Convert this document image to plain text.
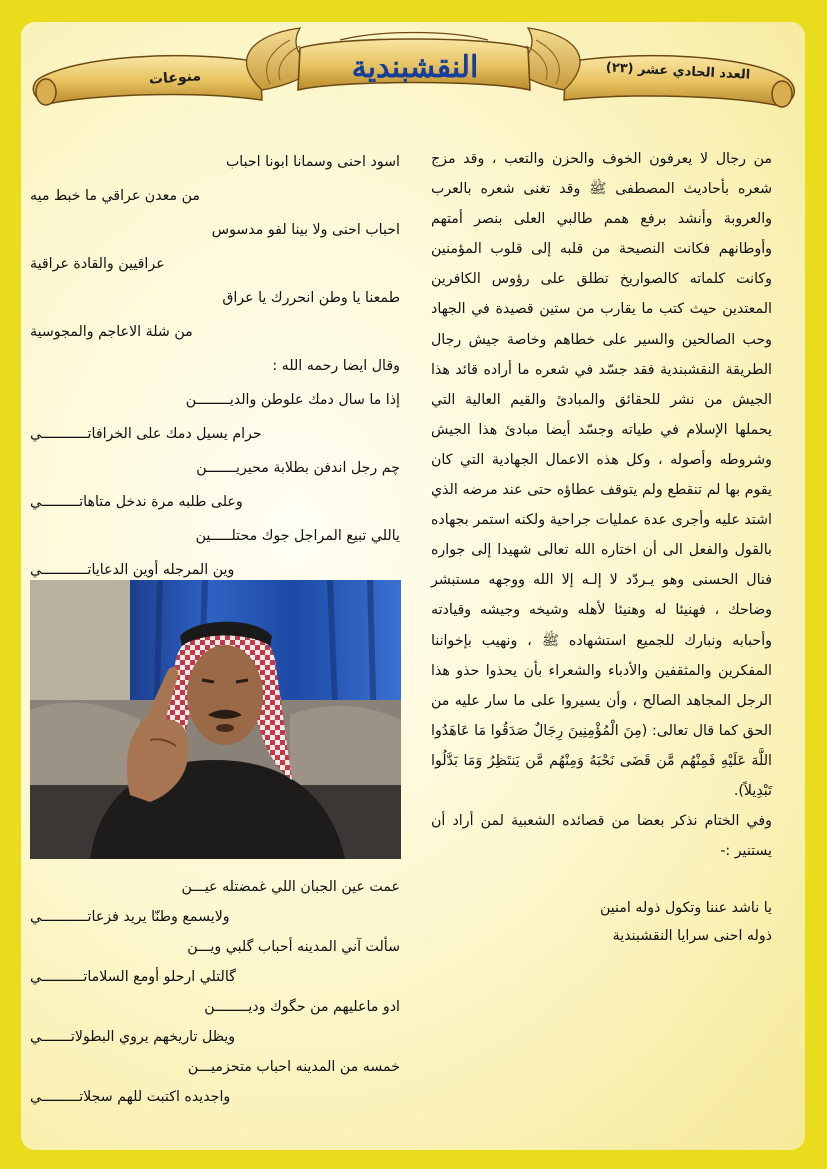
النقشبندية	العدد الحادي عشر (٢٣)
منوعات

من رجال لا يعرفون الخوف والحزن والتعب ، وقد مزج شعره بأحاديث المصطفى ﷺ وقد تغنى شعره بالعرب والعروبة وأنشد برفع همم طالبي العلى بنصر أمتهم وأوطانهم فكانت النصيحة من قلبه إلى قلوب المؤمنين وكانت كلماته كالصواريخ تطلق على رؤوس الكافرين المعتدين حيث كتب ما يقارب من ستين قصيدة في الجهاد وحب الصالحين والسير على خطاهم وخاصة جيش رجال الطريقة النقشبندية فقد جسّد في شعره ما أراده قائد هذا الجيش من نشر للحقائق والمبادئ والقيم العالية التي يحملها الإسلام في طياته وجسّد أيضا مبادئ هذا الجيش وشروطه وأصوله ، وكل هذه الاعمال الجهادية التي كان يقوم بها لم تنقطع ولم يتوقف عطاؤه حتى عند مرضه الذي اشتد عليه وأجرى عدة عمليات جراحية ولكنه استمر بجهاده بالقول والفعل الى أن اختاره الله تعالى شهيدا إلى جواره فنال الحسنى وهو يـردّد لا إلـه إلا الله ووجهه مستبشر وضاحك ، فهنيئا له وهنيئا لأهله وشيخه وجيشه وقيادته وأحبابه ونبارك للجميع استشهاده ﷺ ، ونهيب بإخواننا المفكرين والمثقفين والأدباء والشعراء بأن يحذوا حذو هذا الرجل المجاهد الصالح ، وأن يسيروا على ما سار عليه من الحق كما قال تعالى: (مِنَ الْمُؤْمِنِينَ رِجَالٌ صَدَقُوا مَا عَاهَدُوا اللَّهَ عَلَيْهِ فَمِنْهُم مَّن قَضَى نَحْبَهُ وَمِنْهُم مَّن يَنتَظِرُ وَمَا بَدَّلُوا تَبْدِيلاً).

وفي الختام نذكر بعضا من قصائده الشعبية لمن أراد أن يستنير :-

يا ناشد عننا وتكول ذوله امنين
ذوله احنى سرايا النقشبندية
اسود احنى وسمانا ابونا احباب
من معدن عراقي ما خبط ميه
احباب احنى ولا بينا لفو مدسوس
عراقيين والقادة عراقية
طمعنا يا وطن انحررك يا عراق
من شلة الاعاجم والمجوسية
وقال ايضا رحمه الله :
إذا ما سال دمك علوطن والديــــــــن
حرام يسيل دمك على الخرافاتـــــــــــي
چم رجل اندفن بطلابة محيريـــــــن
وعلى طلبه مرة ندخل متاهاتـــــــــي
ياللي تبيع المراجل جوك محتلـــــين
وين المرجله أوين الدعاياتـــــــــــي
عمت عين الجبان اللي غمضتله عيـــن
ولايسمع وطنّا يريد فزعاتـــــــــــي
سألت آني المدينه أحباب گلبي ويـــن
گالتلي ارحلو أومع السلاماتــــــــــي
ادو ماعليهم من حگوك وديــــــــن
ويظل تاريخهم يروي البطولاتـــــــي
خمسه من المدينه احباب متحزميـــن
واجديده اكتبت للهم سجلاتـــــــــي
